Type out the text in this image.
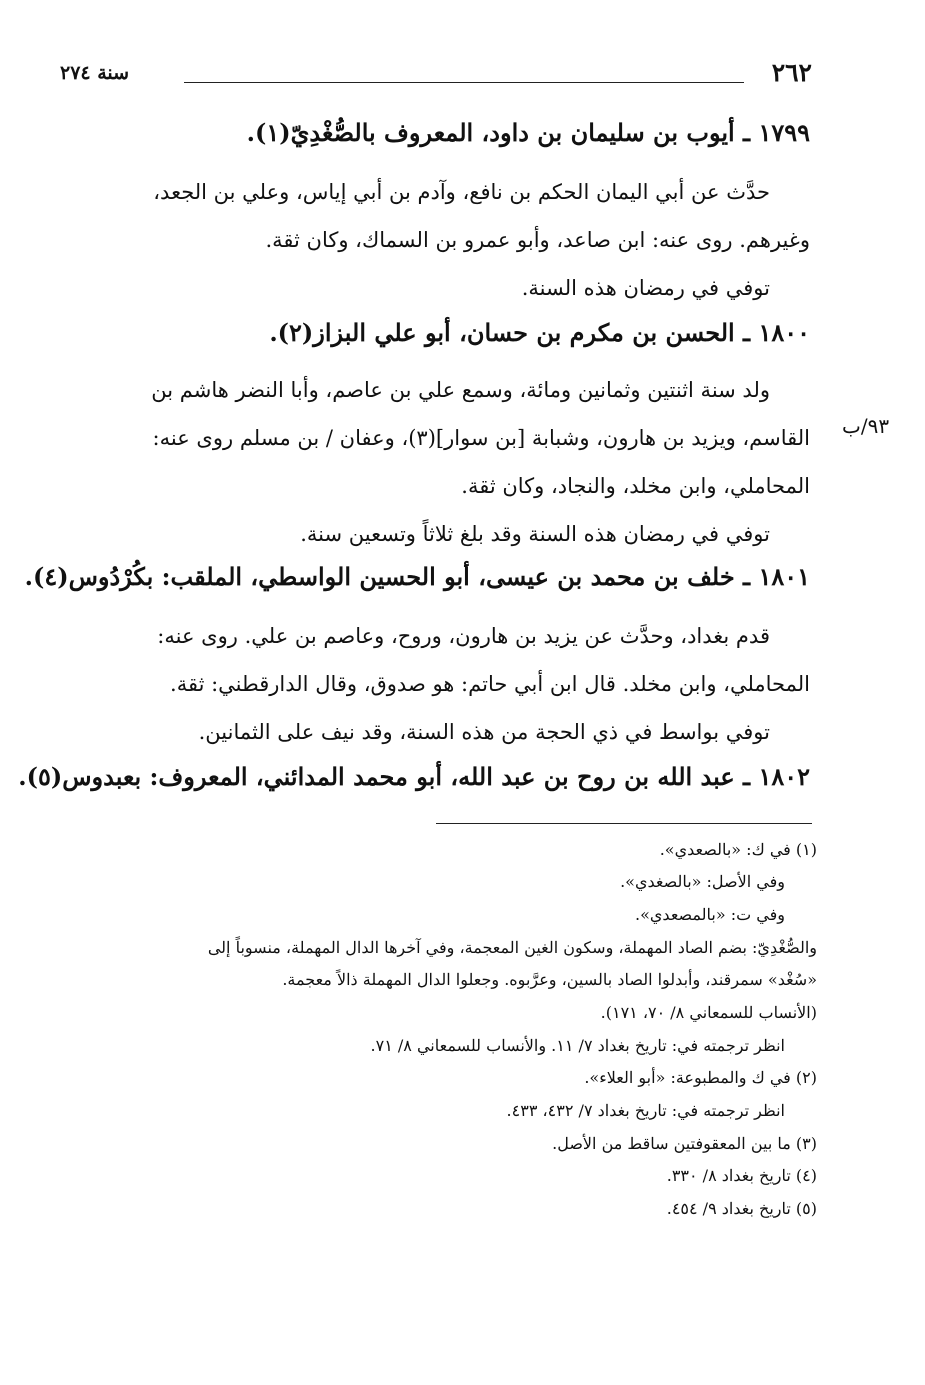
٢٦٢
سنة ٢٧٤
١٧٩٩ ـ أيوب بن سليمان بن داود، المعروف بالصُّغْدِيّ(١).
حدَّث عن أبي اليمان الحكم بن نافع، وآدم بن أبي إياس، وعلي بن الجعد، وغيرهم. روى عنه: ابن صاعد، وأبو عمرو بن السماك، وكان ثقة.
توفي في رمضان هذه السنة.
١٨٠٠ ـ الحسن بن مكرم بن حسان، أبو علي البزاز(٢).
ولد سنة اثنتين وثمانين ومائة، وسمع علي بن عاصم، وأبا النضر هاشم بن القاسم، ويزيد بن هارون، وشبابة [بن سوار](٣)، وعفان / بن مسلم روى عنه: المحاملي، وابن مخلد، والنجاد، وكان ثقة.
٩٣/ب
توفي في رمضان هذه السنة وقد بلغ ثلاثاً وتسعين سنة.
١٨٠١ ـ خلف بن محمد بن عيسى، أبو الحسين الواسطي، الملقب: بكُرْدُوس(٤).
قدم بغداد، وحدَّث عن يزيد بن هارون، وروح، وعاصم بن علي. روى عنه: المحاملي، وابن مخلد. قال ابن أبي حاتم: هو صدوق، وقال الدارقطني: ثقة.
توفي بواسط في ذي الحجة من هذه السنة، وقد نيف على الثمانين.
١٨٠٢ ـ عبد الله بن روح بن عبد الله، أبو محمد المدائني، المعروف: بعبدوس(٥).
(١) في ك: «بالصعدي».
وفي الأصل: «بالصغدي».
وفي ت: «بالمصعدي».
والصُّغْدِيّ: بضم الصاد المهملة، وسكون الغين المعجمة، وفي آخرها الدال المهملة، منسوباً إلى
«سُغْد» سمرقند، وأبدلوا الصاد بالسين، وعرَّبوه. وجعلوا الدال المهملة ذالاً معجمة.
(الأنساب للسمعاني ٨/ ٧٠، ١٧١).
انظر ترجمته في: تاريخ بغداد ٧/ ١١. والأنساب للسمعاني ٨/ ٧١.
(٢) في ك والمطبوعة: «أبو العلاء».
انظر ترجمته في: تاريخ بغداد ٧/ ٤٣٢، ٤٣٣.
(٣) ما بين المعقوفتين ساقط من الأصل.
(٤) تاريخ بغداد ٨/ ٣٣٠.
(٥) تاريخ بغداد ٩/ ٤٥٤.
